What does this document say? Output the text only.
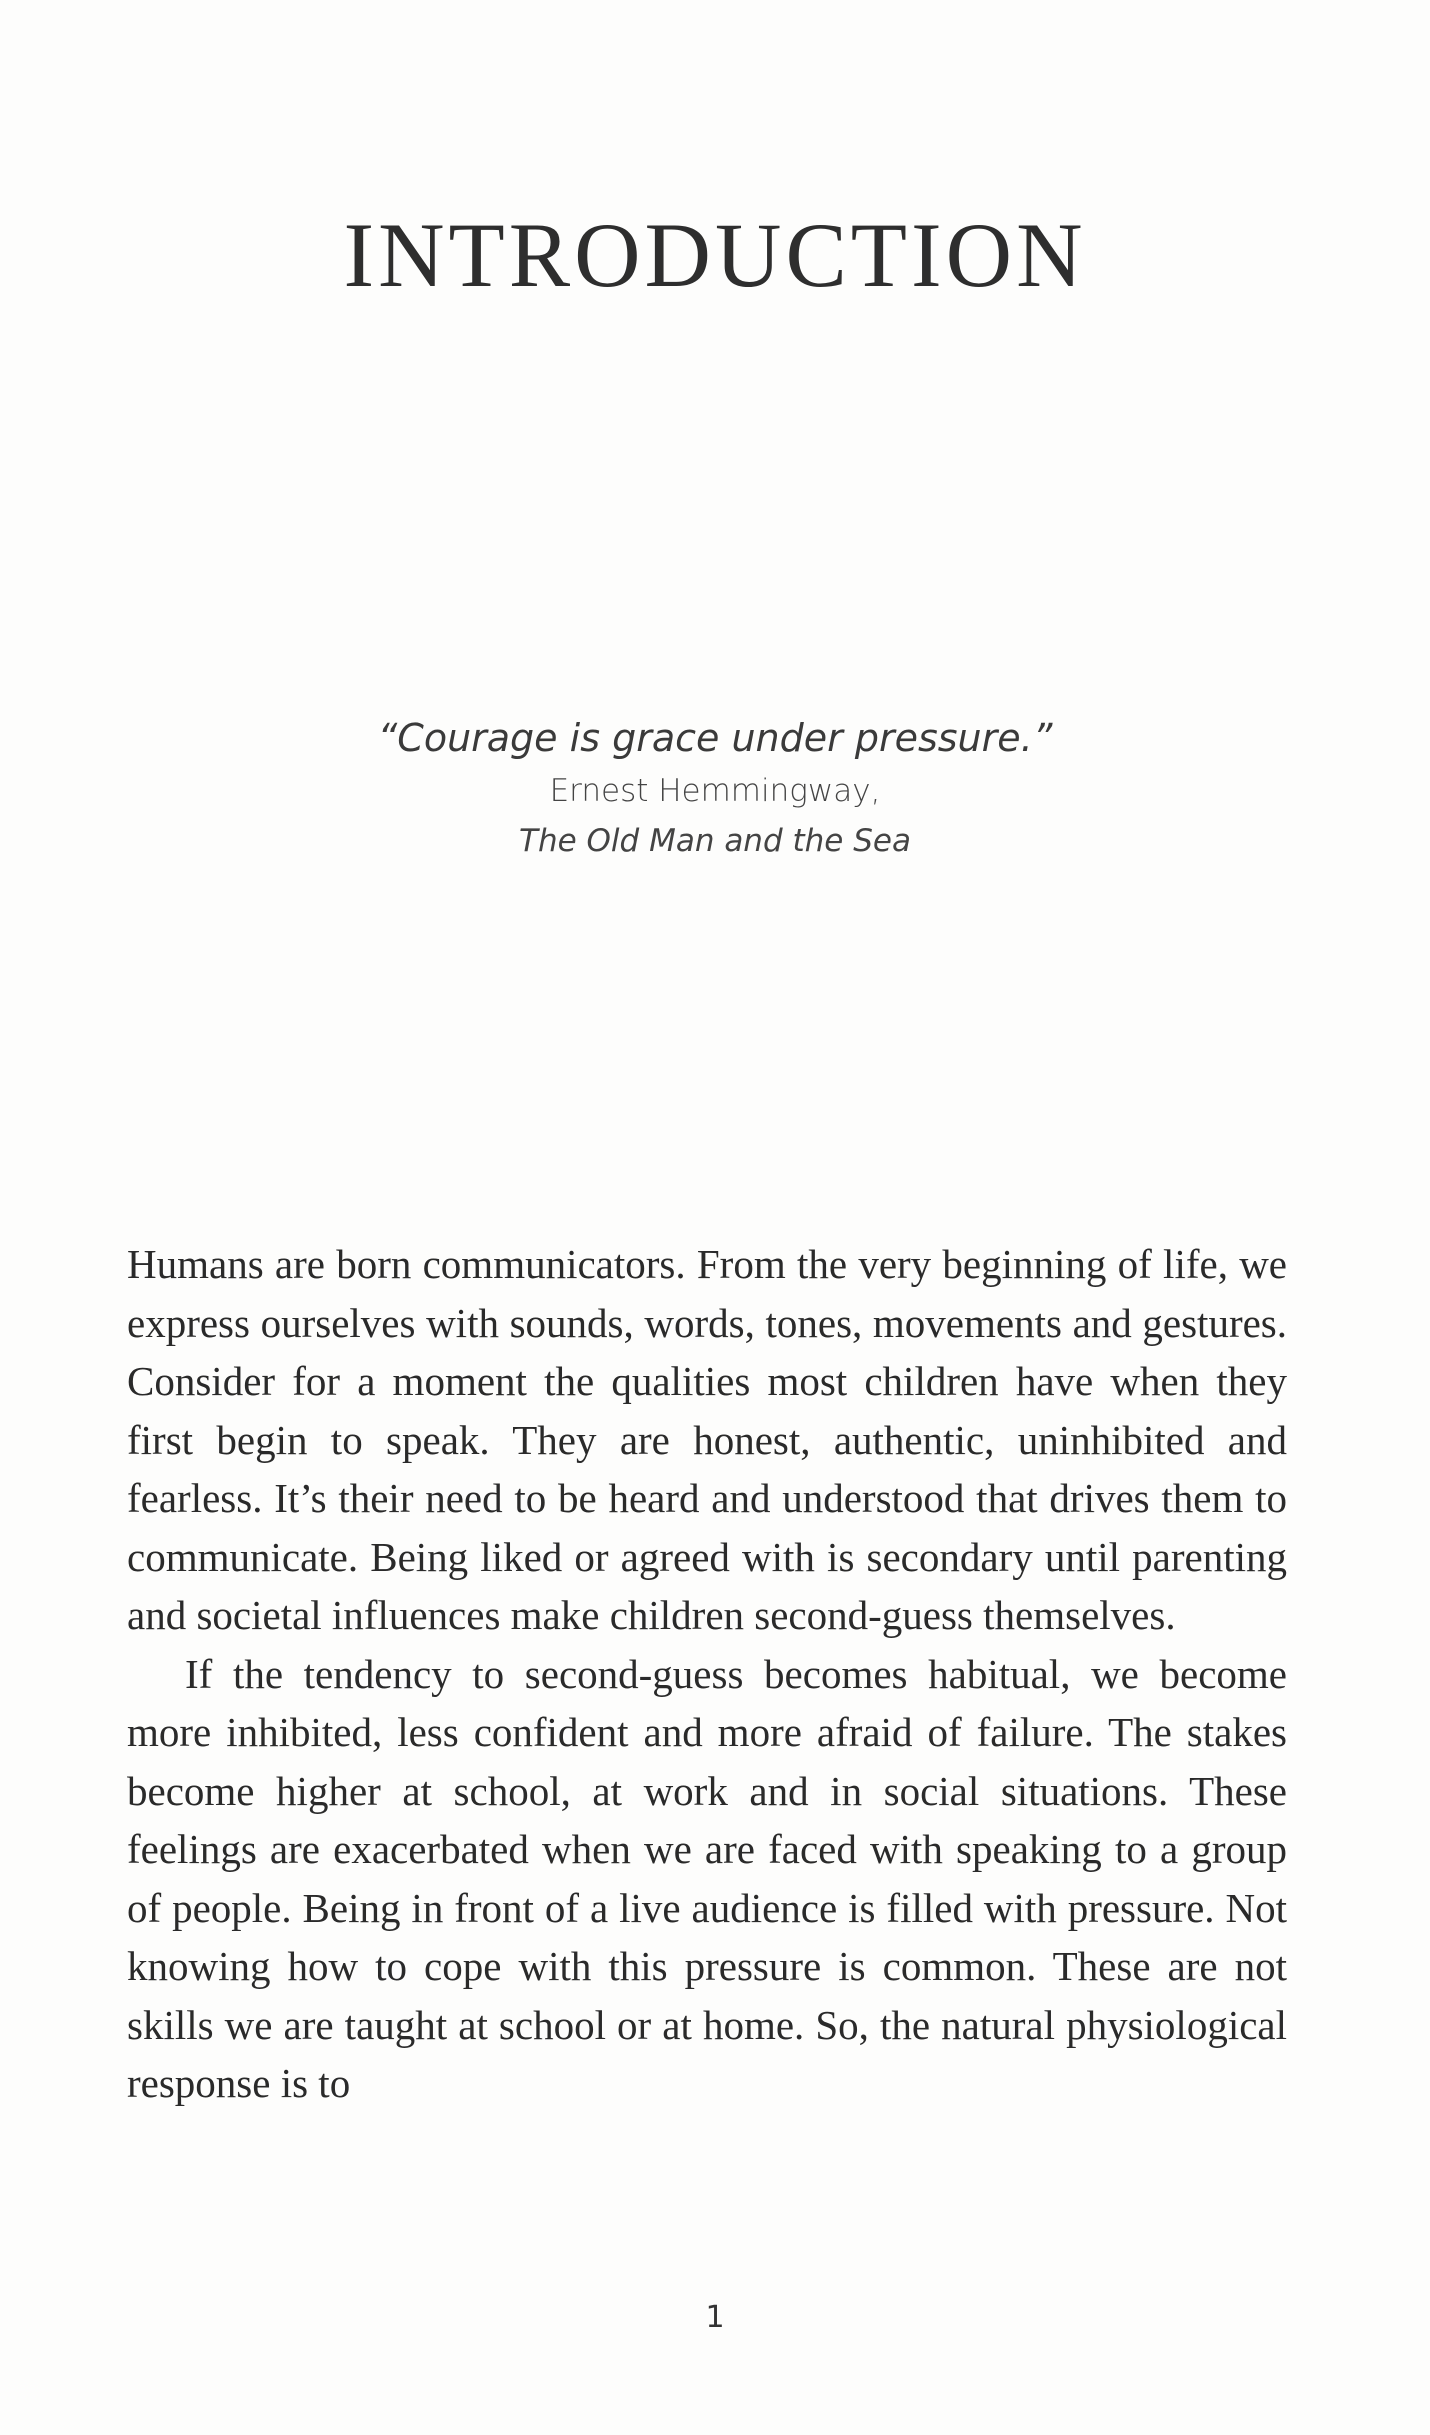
INTRODUCTION
“Courage is grace under pressure.”
Ernest Hemmingway,
The Old Man and the Sea

Humans are born communicators. From the very beginning of life, we express ourselves with sounds, words, tones, movements and gestures. Consider for a moment the qualities most children have when they first begin to speak. They are honest, authentic, uninhibited and fearless. It’s their need to be heard and understood that drives them to communicate. Being liked or agreed with is secondary until parenting and societal influences make children second-guess themselves.

If the tendency to second-guess becomes habitual, we become more inhibited, less confident and more afraid of failure. The stakes become higher at school, at work and in social situations. These feelings are exacerbated when we are faced with speaking to a group of people. Being in front of a live audience is filled with pressure. Not knowing how to cope with this pressure is common. These are not skills we are taught at school or at home. So, the natural physiological response is to

1
